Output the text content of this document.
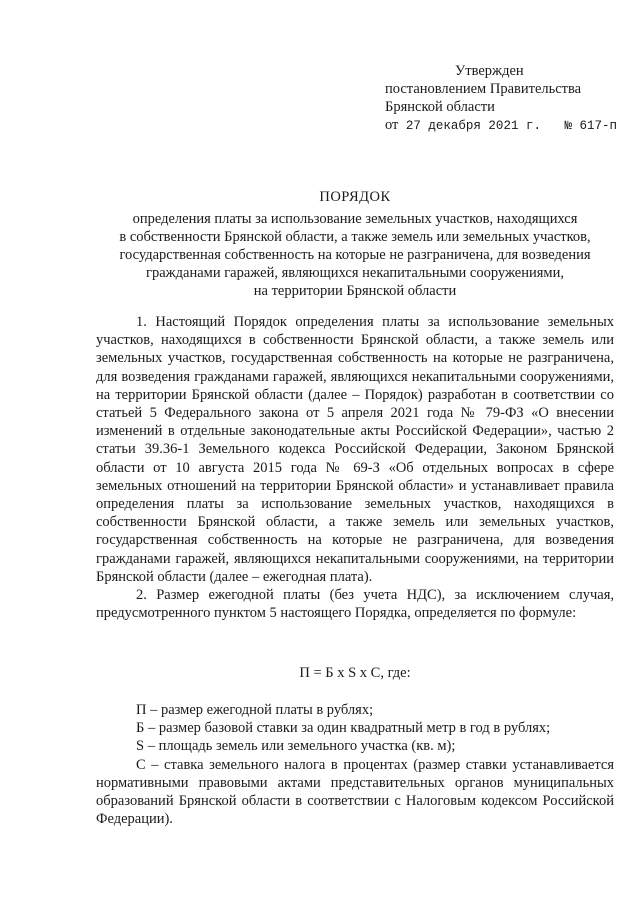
Утвержден
постановлением Правительства
Брянской области
от 27 декабря 2021 г. № 617-п
ПОРЯДОК
определения платы за использование земельных участков, находящихся
в собственности Брянской области, а также земель или земельных участков,
государственная собственность на которые не разграничена, для возведения
гражданами гаражей, являющихся некапитальными сооружениями,
на территории Брянской области

1. Настоящий Порядок определения платы за использование земельных участков, находящихся в собственности Брянской области, а также земель или земельных участков, государственная собственность на которые не разграничена, для возведения гражданами гаражей, являющихся некапитальными сооружениями, на территории Брянской области (далее – Порядок) разработан в соответствии со статьей 5 Федерального закона от 5 апреля 2021 года № 79-ФЗ «О внесении изменений в отдельные законодательные акты Российской Федерации», частью 2 статьи 39.36-1 Земельного кодекса Российской Федерации, Законом Брянской области от 10 августа 2015 года № 69-З «Об отдельных вопросах в сфере земельных отношений на территории Брянской области» и устанавливает правила определения платы за использование земельных участков, находящихся в собственности Брянской области, а также земель или земельных участков, государственная собственность на которые не разграничена, для возведения гражданами гаражей, являющихся некапитальными сооружениями, на территории Брянской области (далее – ежегодная плата).

2. Размер ежегодной платы (без учета НДС), за исключением случая, предусмотренного пунктом 5 настоящего Порядка, определяется по формуле:

П = Б х S х С, где:

П – размер ежегодной платы в рублях;

Б – размер базовой ставки за один квадратный метр в год в рублях;

S – площадь земель или земельного участка (кв. м);

С – ставка земельного налога в процентах (размер ставки устанавливается нормативными правовыми актами представительных органов муниципальных образований Брянской области в соответствии с Налоговым кодексом Российской Федерации).
